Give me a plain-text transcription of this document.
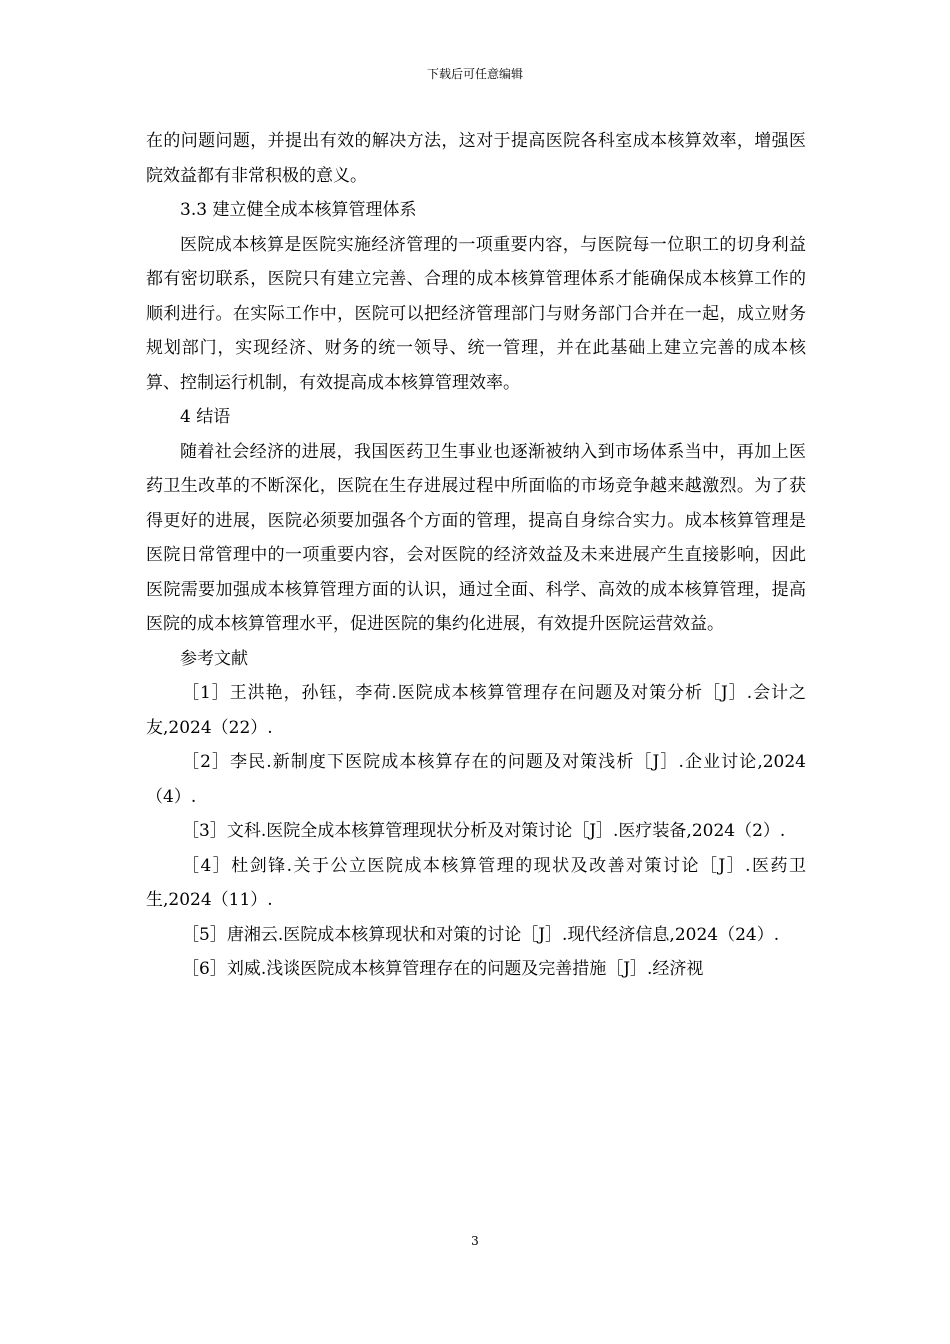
下载后可任意编辑

在的问题问题，并提出有效的解决方法，这对于提高医院各科室成本核算效率，增强医院效益都有非常积极的意义。

3.3 建立健全成本核算管理体系

医院成本核算是医院实施经济管理的一项重要内容，与医院每一位职工的切身利益都有密切联系，医院只有建立完善、合理的成本核算管理体系才能确保成本核算工作的顺利进行。在实际工作中，医院可以把经济管理部门与财务部门合并在一起，成立财务规划部门，实现经济、财务的统一领导、统一管理，并在此基础上建立完善的成本核算、控制运行机制，有效提高成本核算管理效率。

4 结语

随着社会经济的进展，我国医药卫生事业也逐渐被纳入到市场体系当中，再加上医药卫生改革的不断深化，医院在生存进展过程中所面临的市场竞争越来越激烈。为了获得更好的进展，医院必须要加强各个方面的管理，提高自身综合实力。成本核算管理是医院日常管理中的一项重要内容，会对医院的经济效益及未来进展产生直接影响，因此医院需要加强成本核算管理方面的认识，通过全面、科学、高效的成本核算管理，提高医院的成本核算管理水平，促进医院的集约化进展，有效提升医院运营效益。

参考文献

［1］王洪艳，孙钰，李荷.医院成本核算管理存在问题及对策分析［J］.会计之友,2024（22）.

［2］李民.新制度下医院成本核算存在的问题及对策浅析［J］.企业讨论,2024（4）.

［3］文科.医院全成本核算管理现状分析及对策讨论［J］.医疗装备,2024（2）.

［4］杜剑锋.关于公立医院成本核算管理的现状及改善对策讨论［J］.医药卫生,2024（11）.

［5］唐湘云.医院成本核算现状和对策的讨论［J］.现代经济信息,2024（24）.

［6］刘威.浅谈医院成本核算管理存在的问题及完善措施［J］.经济视

3
